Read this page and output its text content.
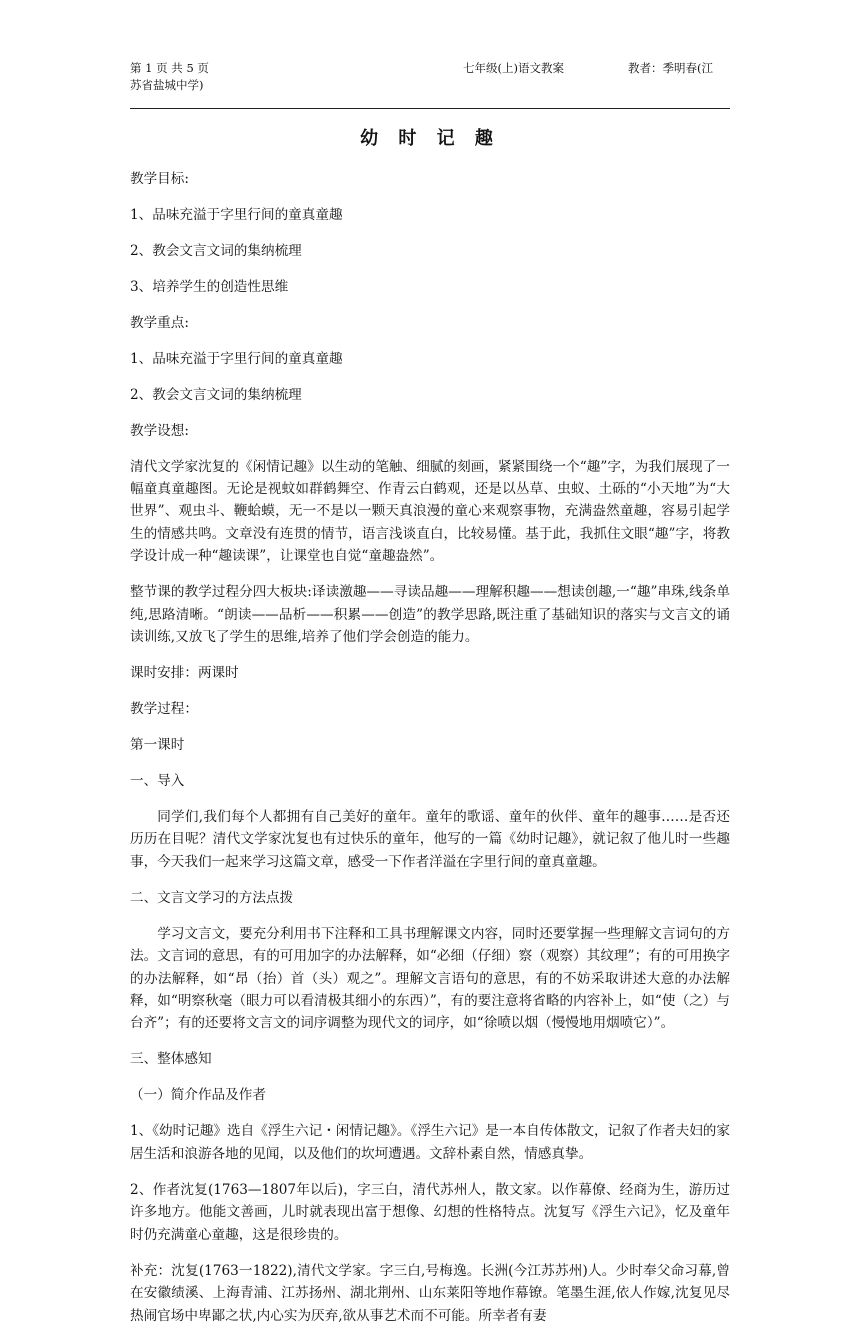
第 1 页 共 5 页	七年级(上)语文教案	教者：季明春(江
苏省盐城中学)
幼 时 记 趣

教学目标:

1、品味充溢于字里行间的童真童趣

2、教会文言文词的集纳梳理

3、培养学生的创造性思维

教学重点:

1、品味充溢于字里行间的童真童趣

2、教会文言文词的集纳梳理

教学设想:

清代文学家沈复的《闲情记趣》以生动的笔触、细腻的刻画，紧紧围绕一个“趣”字，为我们展现了一幅童真童趣图。无论是视蚊如群鹤舞空、作青云白鹤观，还是以丛草、虫蚁、土砾的“小天地”为“大世界”、观虫斗、鞭蛤蟆，无一不是以一颗天真浪漫的童心来观察事物，充满盎然童趣，容易引起学生的情感共鸣。文章没有连贯的情节，语言浅谈直白，比较易懂。基于此，我抓住文眼“趣”字，将教学设计成一种“趣读课”，让课堂也自觉“童趣盎然”。

整节课的教学过程分四大板块:译读激趣——寻读品趣——理解积趣——想读创趣,一“趣”串珠,线条单纯,思路清晰。“朗读——品析——积累——创造”的教学思路,既注重了基础知识的落实与文言文的诵读训练,又放飞了学生的思维,培养了他们学会创造的能力。

课时安排：两课时

教学过程：

第一课时

一、导入

同学们,我们每个人都拥有自己美好的童年。童年的歌谣、童年的伙伴、童年的趣事……是否还历历在目呢？清代文学家沈复也有过快乐的童年，他写的一篇《幼时记趣》，就记叙了他儿时一些趣事，今天我们一起来学习这篇文章，感受一下作者洋溢在字里行间的童真童趣。

二、文言文学习的方法点拨

学习文言文，要充分利用书下注释和工具书理解课文内容，同时还要掌握一些理解文言词句的方法。文言词的意思，有的可用加字的办法解释，如“必细（仔细）察（观察）其纹理”；有的可用换字的办法解释，如“昂（抬）首（头）观之”。理解文言语句的意思，有的不妨采取讲述大意的办法解释，如“明察秋毫（眼力可以看清极其细小的东西）”，有的要注意将省略的内容补上，如“使（之）与台齐”；有的还要将文言文的词序调整为现代文的词序，如“徐喷以烟（慢慢地用烟喷它）”。

三、整体感知

（一）简介作品及作者

1、《幼时记趣》选自《浮生六记・闲情记趣》。《浮生六记》是一本自传体散文，记叙了作者夫妇的家居生活和浪游各地的见闻，以及他们的坎坷遭遇。文辞朴素自然，情感真挚。

2、作者沈复(1763—1807年以后)，字三白，清代苏州人，散文家。以作幕僚、经商为生，游历过许多地方。他能文善画，儿时就表现出富于想像、幻想的性格特点。沈复写《浮生六记》，忆及童年时仍充满童心童趣，这是很珍贵的。

补充：沈复(1763一1822),清代文学家。字三白,号梅逸。长洲(今江苏苏州)人。少时奉父命习幕,曾在安徽绩溪、上海青浦、江苏扬州、湖北荆州、山东莱阳等地作幕镣。笔墨生涯,依人作嫁,沈复见尽热闹官场中卑鄙之状,内心实为厌弃,欲从事艺术而不可能。所幸者有妻
